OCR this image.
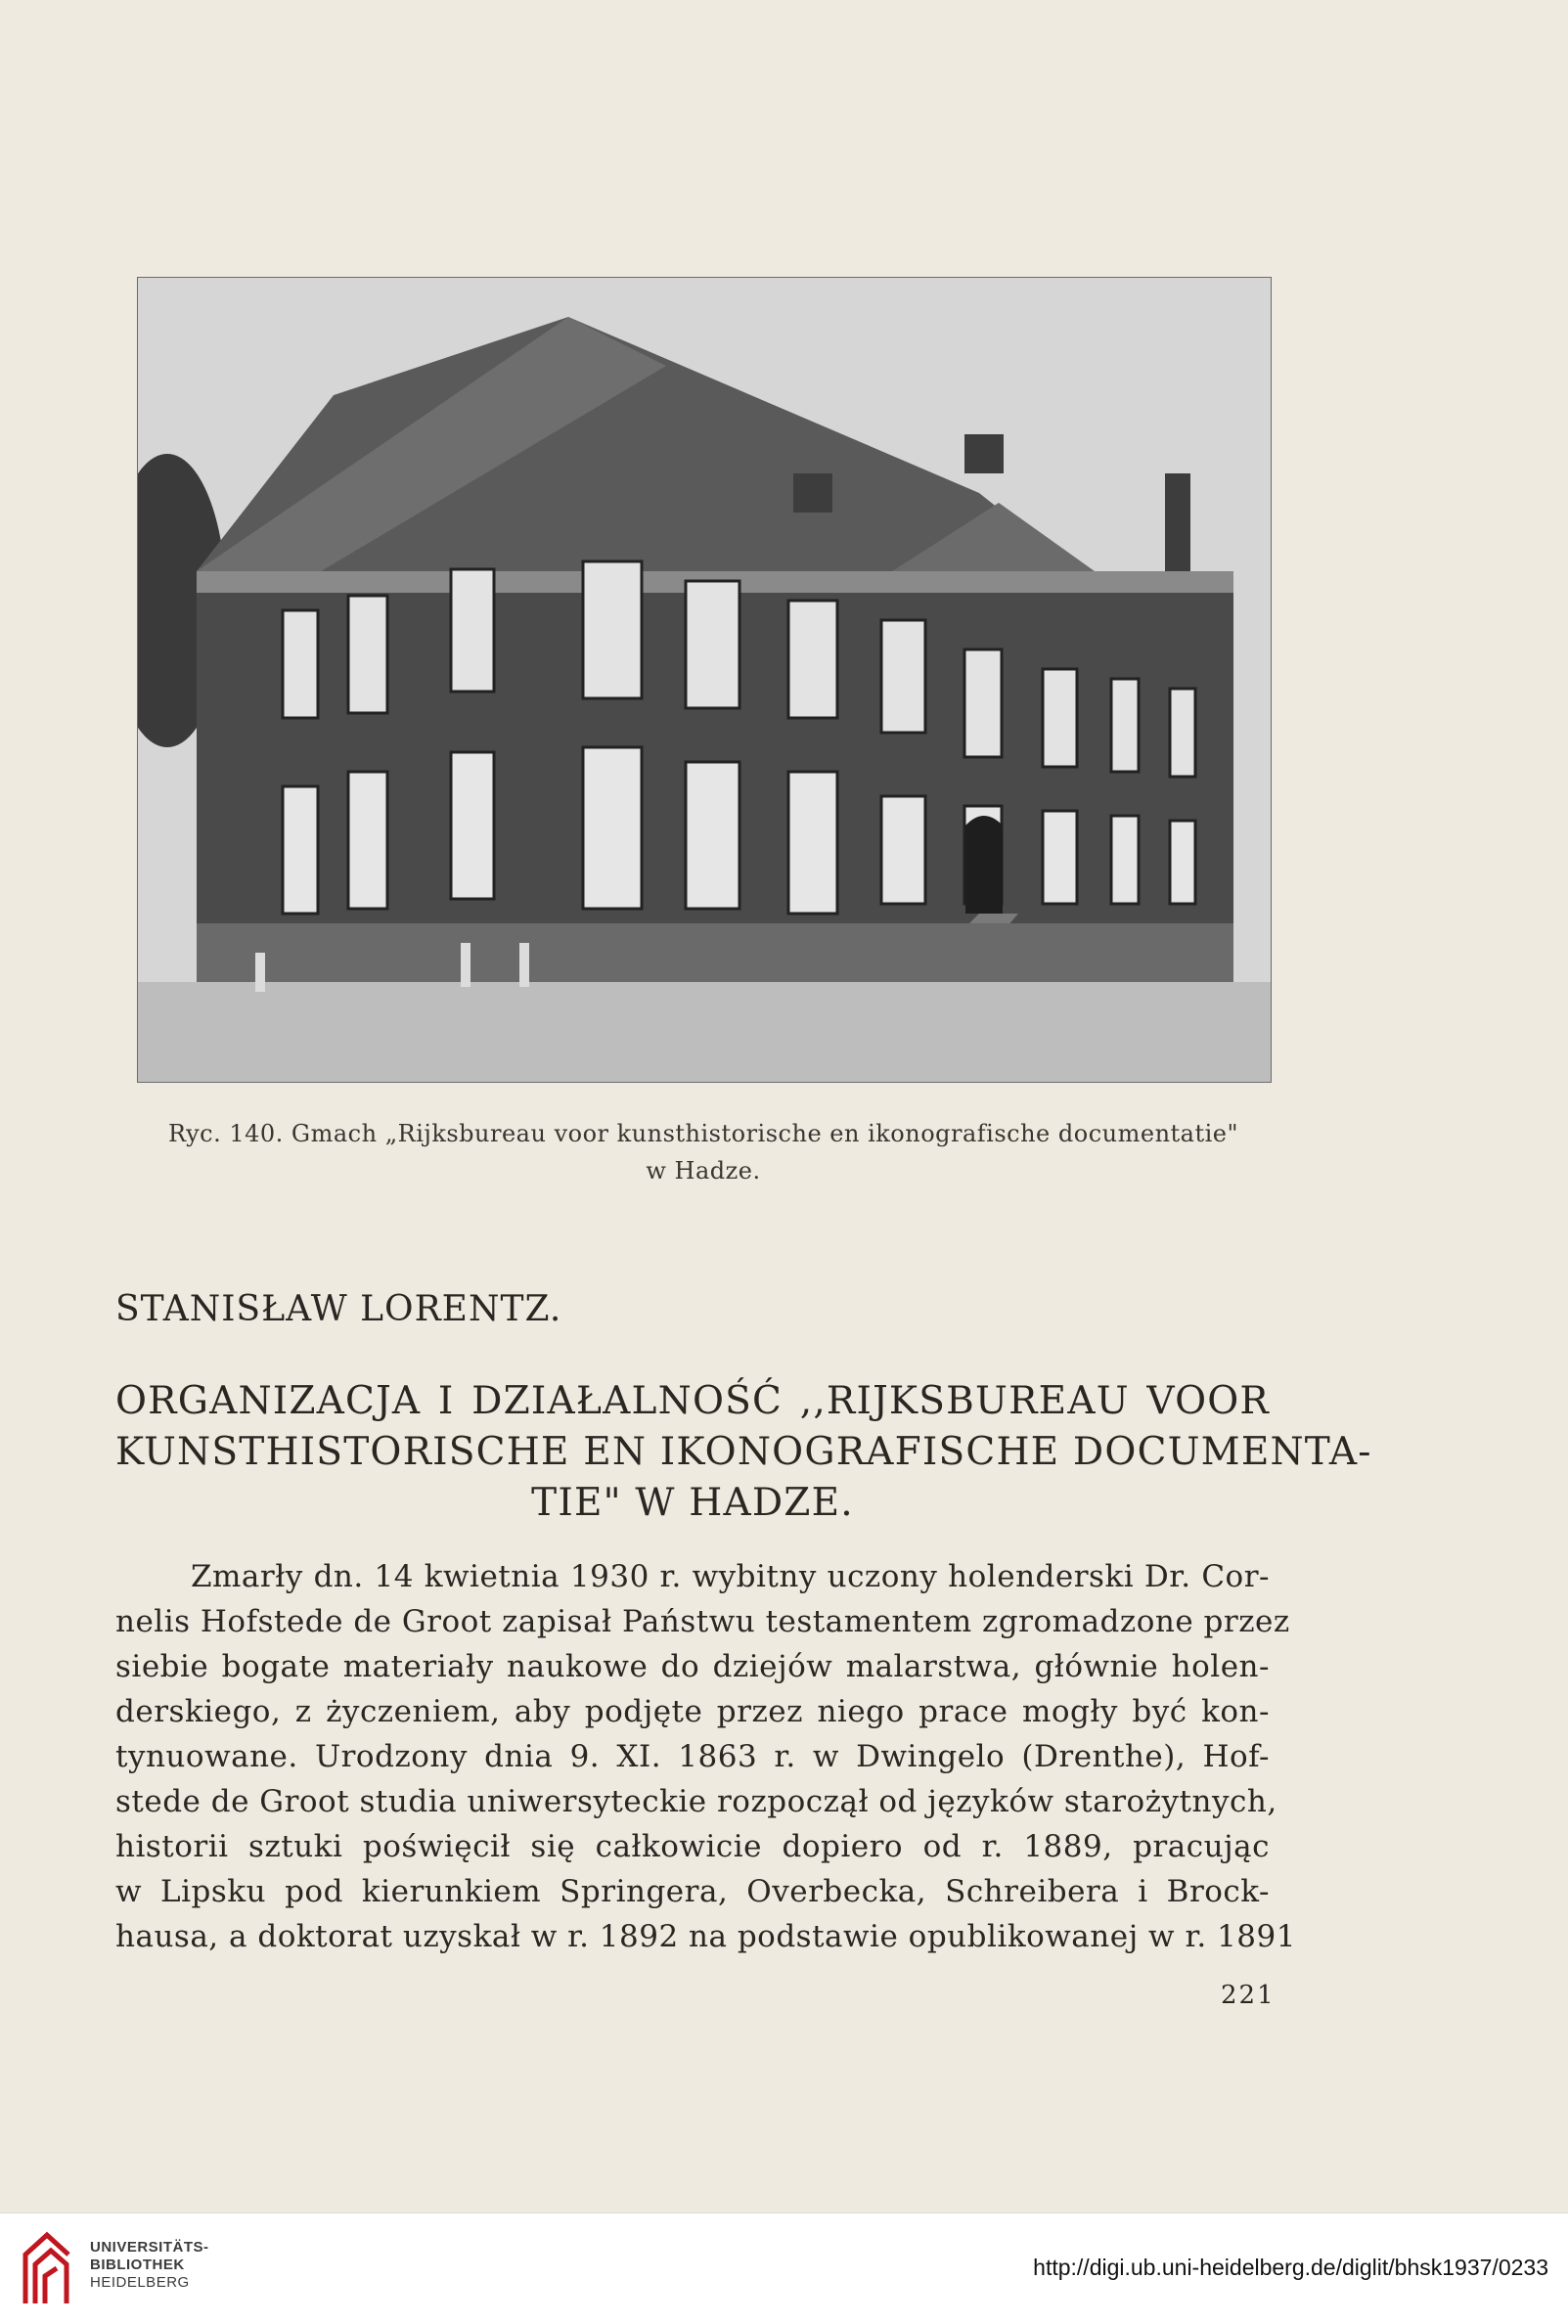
Ryc. 140. Gmach „Rijksbureau voor kunsthistorische en ikonografische documentatie"
w Hadze.
STANISŁAW LORENTZ.
ORGANIZACJA I DZIAŁALNOŚĆ ,,RIJKSBUREAU VOOR
KUNSTHISTORISCHE EN IKONOGRAFISCHE DOCUMENTA-
TIE" W HADZE.
Zmarły dn. 14 kwietnia 1930 r. wybitny uczony holenderski Dr. Cor-
nelis Hofstede de Groot zapisał Państwu testamentem zgromadzone przez
siebie bogate materiały naukowe do dziejów malarstwa, głównie holen-
derskiego, z życzeniem, aby podjęte przez niego prace mogły być kon-
tynuowane. Urodzony dnia 9. XI. 1863 r. w Dwingelo (Drenthe), Hof-
stede de Groot studia uniwersyteckie rozpoczął od języków starożytnych,
historii sztuki poświęcił się całkowicie dopiero od r. 1889, pracując
w Lipsku pod kierunkiem Springera, Overbecka, Schreibera i Brock-
hausa, a doktorat uzyskał w r. 1892 na podstawie opublikowanej w r. 1891
221
UNIVERSITÄTS-
BIBLIOTHEK
HEIDELBERG
http://digi.ub.uni-heidelberg.de/diglit/bhsk1937/0233
